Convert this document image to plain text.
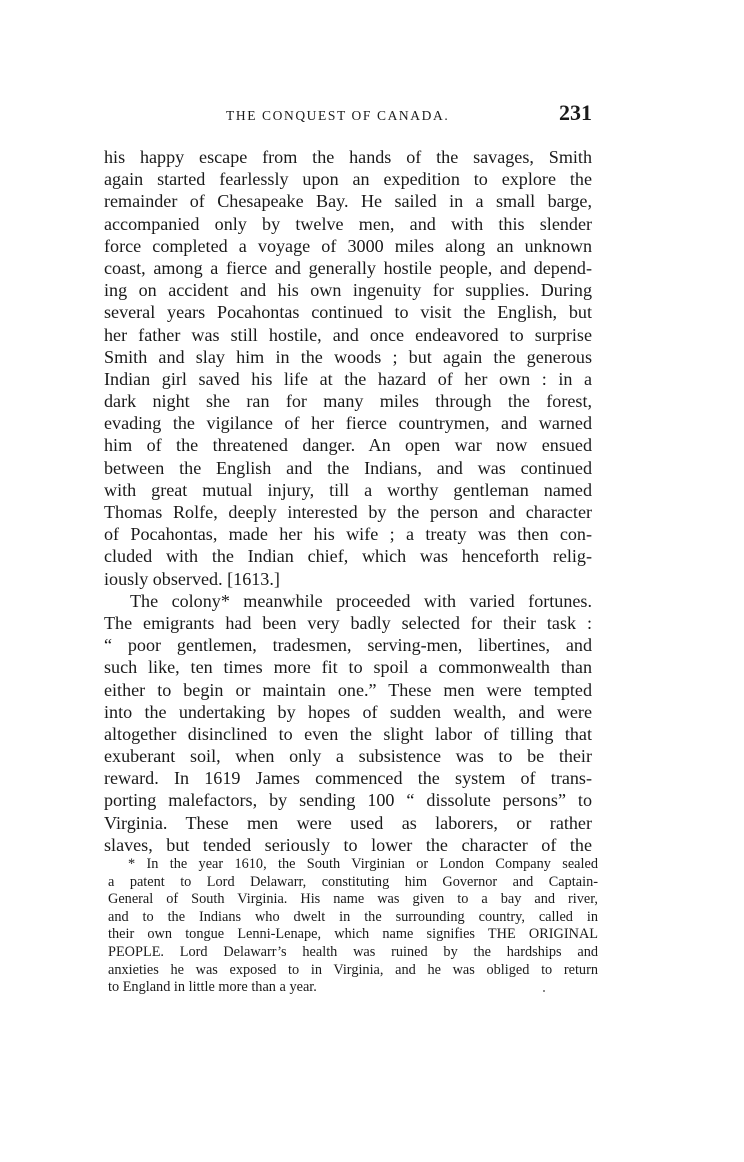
THE CONQUEST OF CANADA.	231
his happy escape from the hands of the savages, Smith
again started fearlessly upon an expedition to explore the
remainder of Chesapeake Bay. He sailed in a small barge,
accompanied only by twelve men, and with this slender
force completed a voyage of 3000 miles along an unknown
coast, among a fierce and generally hostile people, and depend-
ing on accident and his own ingenuity for supplies. During
several years Pocahontas continued to visit the English, but
her father was still hostile, and once endeavored to surprise
Smith and slay him in the woods ; but again the generous
Indian girl saved his life at the hazard of her own : in a
dark night she ran for many miles through the forest,
evading the vigilance of her fierce countrymen, and warned
him of the threatened danger. An open war now ensued
between the English and the Indians, and was continued
with great mutual injury, till a worthy gentleman named
Thomas Rolfe, deeply interested by the person and character
of Pocahontas, made her his wife ; a treaty was then con-
cluded with the Indian chief, which was henceforth relig-
iously observed. [1613.]
The colony* meanwhile proceeded with varied fortunes.
The emigrants had been very badly selected for their task :
“ poor gentlemen, tradesmen, serving-men, libertines, and
such like, ten times more fit to spoil a commonwealth than
either to begin or maintain one.” These men were tempted
into the undertaking by hopes of sudden wealth, and were
altogether disinclined to even the slight labor of tilling that
exuberant soil, when only a subsistence was to be their
reward. In 1619 James commenced the system of trans-
porting malefactors, by sending 100 “ dissolute persons” to
Virginia. These men were used as laborers, or rather
slaves, but tended seriously to lower the character of the
* In the year 1610, the South Virginian or London Company sealed
a patent to Lord Delawarr, constituting him Governor and Captain-
General of South Virginia. His name was given to a bay and river,
and to the Indians who dwelt in the surrounding country, called in
their own tongue Lenni-Lenape, which name signifies THE ORIGINAL
PEOPLE. Lord Delawarr’s health was ruined by the hardships and
anxieties he was exposed to in Virginia, and he was obliged to return
to England in little more than a year.
